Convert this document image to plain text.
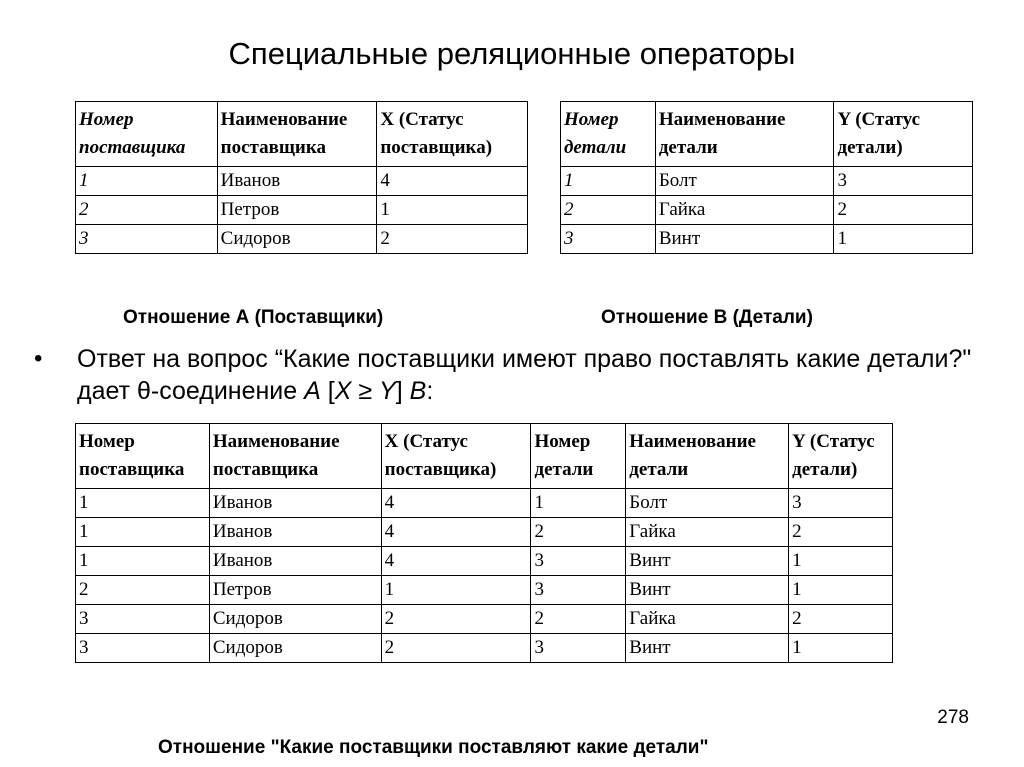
Специальные реляционные операторы
Номер поставщика	Наименование поставщика	X (Статус поставщика)
1	Иванов	4
2	Петров	1
3	Сидоров	2
Отношение А (Поставщики)
Номер детали	Наименование детали	Y (Статус детали)
1	Болт	3
2	Гайка	2
3	Винт	1
Отношение В (Детали)
• Ответ на вопрос “Какие поставщики имеют право поставлять какие детали?" дает θ-соединение A [X ≥ Y] B:
Номер поставщика	Наименование поставщика	X (Статус поставщика)	Номер детали	Наименование детали	Y (Статус детали)
1	Иванов	4	1	Болт	3
1	Иванов	4	2	Гайка	2
1	Иванов	4	3	Винт	1
2	Петров	1	3	Винт	1
3	Сидоров	2	2	Гайка	2
3	Сидоров	2	3	Винт	1
278
Отношение "Какие поставщики поставляют какие детали"
